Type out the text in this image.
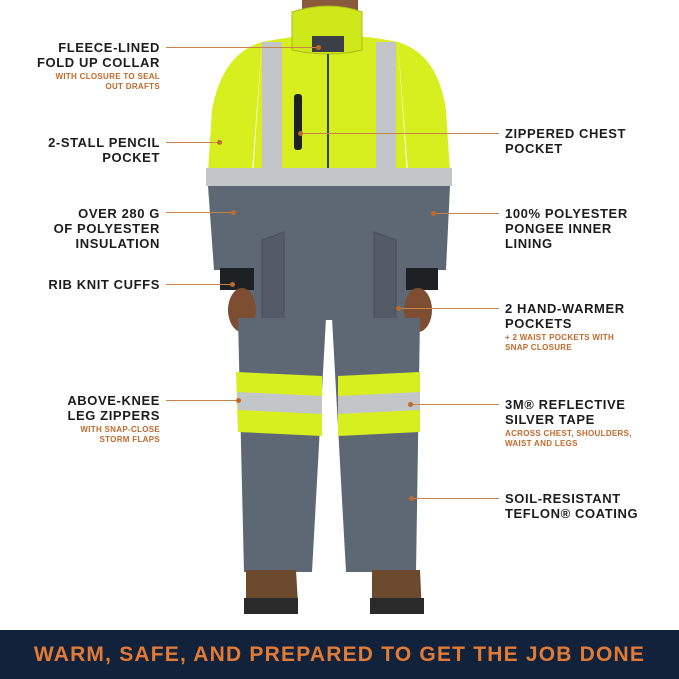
FLEECE-LINED
FOLD UP COLLAR
WITH CLOSURE TO SEAL
OUT DRAFTS
2-STALL PENCIL
POCKET
OVER 280 G
OF POLYESTER
INSULATION
RIB KNIT CUFFS
ABOVE-KNEE
LEG ZIPPERS
WITH SNAP-CLOSE
STORM FLAPS
ZIPPERED CHEST
POCKET
100% POLYESTER
PONGEE INNER
LINING
2 HAND-WARMER
POCKETS
+ 2 WAIST POCKETS WITH
SNAP CLOSURE
3M® REFLECTIVE
SILVER TAPE
ACROSS CHEST, SHOULDERS,
WAIST AND LEGS
SOIL-RESISTANT
TEFLON® COATING
WARM, SAFE, AND PREPARED TO GET THE JOB DONE
